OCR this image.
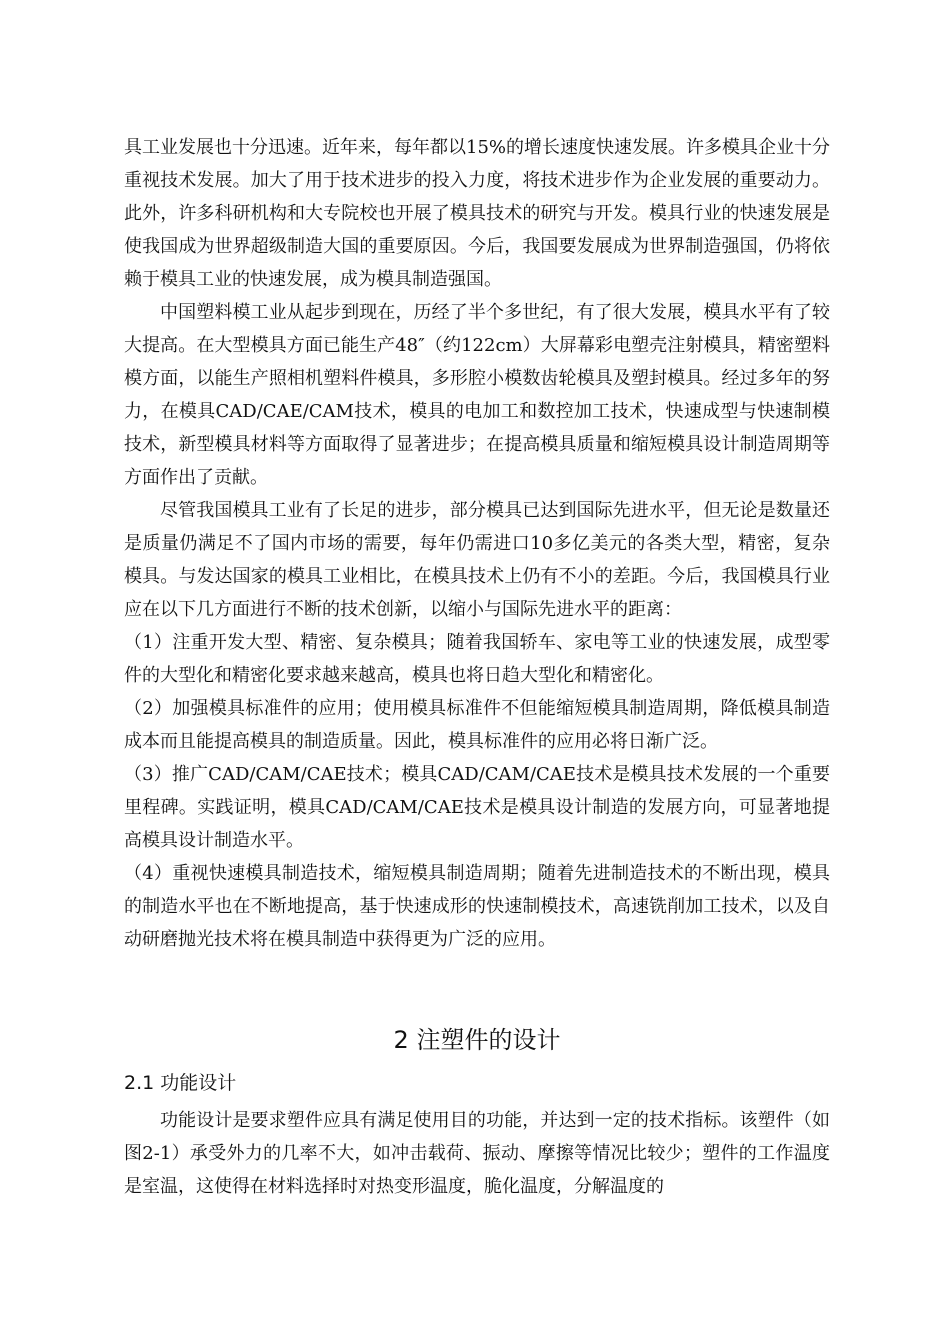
具工业发展也十分迅速。近年来，每年都以15%的增长速度快速发展。许多模具企业十分重视技术发展。加大了用于技术进步的投入力度，将技术进步作为企业发展的重要动力。此外，许多科研机构和大专院校也开展了模具技术的研究与开发。模具行业的快速发展是使我国成为世界超级制造大国的重要原因。今后，我国要发展成为世界制造强国，仍将依赖于模具工业的快速发展，成为模具制造强国。

中国塑料模工业从起步到现在，历经了半个多世纪，有了很大发展，模具水平有了较大提高。在大型模具方面已能生产48″（约122cm）大屏幕彩电塑壳注射模具，精密塑料模方面，以能生产照相机塑料件模具，多形腔小模数齿轮模具及塑封模具。经过多年的努力，在模具CAD/CAE/CAM技术，模具的电加工和数控加工技术，快速成型与快速制模技术，新型模具材料等方面取得了显著进步；在提高模具质量和缩短模具设计制造周期等方面作出了贡献。

尽管我国模具工业有了长足的进步，部分模具已达到国际先进水平，但无论是数量还是质量仍满足不了国内市场的需要，每年仍需进口10多亿美元的各类大型，精密，复杂模具。与发达国家的模具工业相比，在模具技术上仍有不小的差距。今后，我国模具行业应在以下几方面进行不断的技术创新，以缩小与国际先进水平的距离：

（1）注重开发大型、精密、复杂模具；随着我国轿车、家电等工业的快速发展，成型零件的大型化和精密化要求越来越高，模具也将日趋大型化和精密化。

（2）加强模具标准件的应用；使用模具标准件不但能缩短模具制造周期，降低模具制造成本而且能提高模具的制造质量。因此，模具标准件的应用必将日渐广泛。

（3）推广CAD/CAM/CAE技术；模具CAD/CAM/CAE技术是模具技术发展的一个重要里程碑。实践证明，模具CAD/CAM/CAE技术是模具设计制造的发展方向，可显著地提高模具设计制造水平。

（4）重视快速模具制造技术，缩短模具制造周期；随着先进制造技术的不断出现，模具的制造水平也在不断地提高，基于快速成形的快速制模技术，高速铣削加工技术，以及自动研磨抛光技术将在模具制造中获得更为广泛的应用。

2 注塑件的设计
2.1 功能设计

功能设计是要求塑件应具有满足使用目的功能，并达到一定的技术指标。该塑件（如图2-1）承受外力的几率不大，如冲击载荷、振动、摩擦等情况比较少；塑件的工作温度是室温，这使得在材料选择时对热变形温度，脆化温度，分解温度的
